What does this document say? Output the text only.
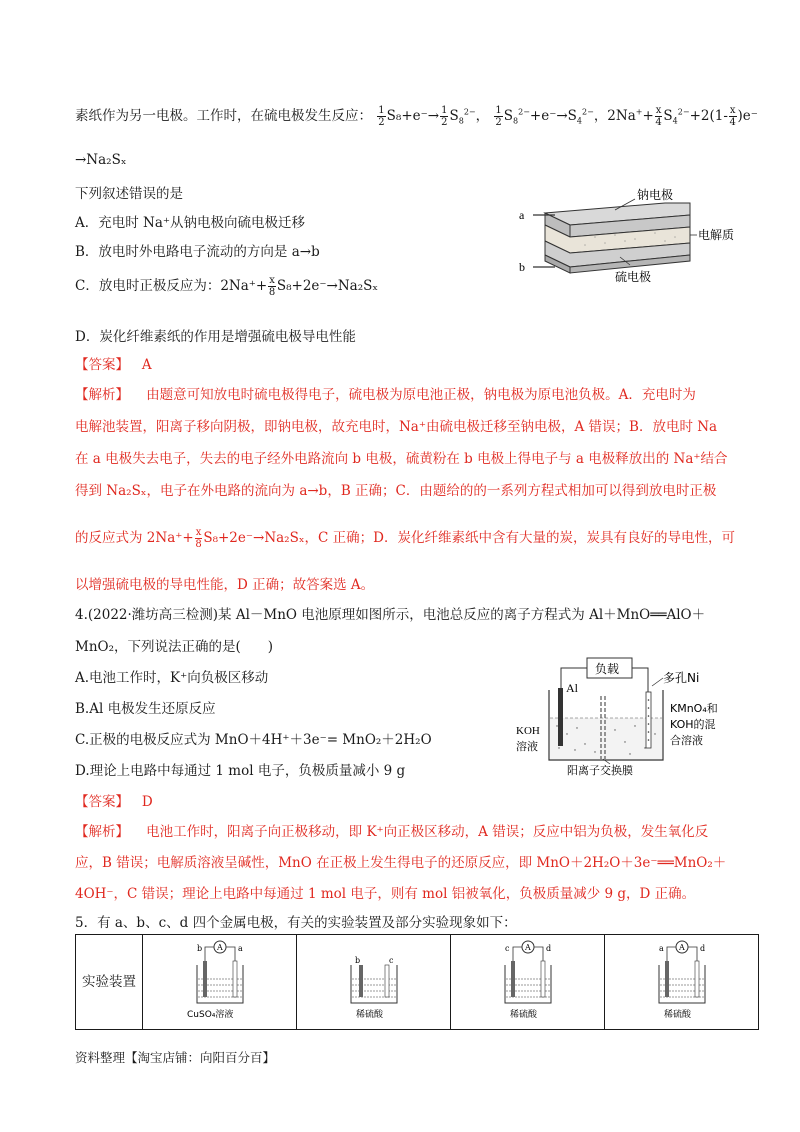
素纸作为另一电极。工作时，在硫电极发生反应： $\frac{1}{2} S_8+e^-\to \frac{1}{2} S_8^{2-}$， $\frac{1}{2} S_8^{2-}+e^-\to S_4^{2-}$，$2Na^++ \frac{x}{4} S_4^{2-}+2(1- \frac{x}{4} )e^-$
→Na₂Sₓ
下列叙述错误的是
A．充电时 Na⁺从钠电极向硫电极迁移
B．放电时外电路电子流动的方向是 a→b
C．放电时正极反应为：$2Na^++ \frac{x}{8} S_8+2e^-\to Na_2S_x$
D．炭化纤维素纸的作用是增强硫电极导电性能
【答案】 A
【解析】 由题意可知放电时硫电极得电子，硫电极为原电池正极，钠电极为原电池负极。A．充电时为
电解池装置，阳离子移向阴极，即钠电极，故充电时，Na⁺由硫电极迁移至钠电极，A 错误；B．放电时 Na
在 a 电极失去电子，失去的电子经外电路流向 b 电极，硫黄粉在 b 电极上得电子与 a 电极释放出的 Na⁺结合
得到 Na₂Sₓ，电子在外电路的流向为 a→b，B 正确；C．由题给的的一系列方程式相加可以得到放电时正极
的反应式为 $2Na^++ \frac{x}{8} S_8+2e^-\to Na_2S_x$，C 正确；D．炭化纤维素纸中含有大量的炭，炭具有良好的导电性，可
以增强硫电极的导电性能，D 正确；故答案选 A。
4.(2022·潍坊高三检测)某 Al－MnO 电池原理如图所示，电池总反应的离子方程式为 Al＋MnO══AlO＋
MnO₂，下列说法正确的是(　　)
A.电池工作时，K⁺向负极区移动
B.Al 电极发生还原反应
C.正极的电极反应式为 MnO＋4H⁺＋3e⁻= MnO₂＋2H₂O
D.理论上电路中每通过 1 mol 电子，负极质量减小 9 g
【答案】 D
【解析】 电池工作时，阳离子向正极移动，即 K⁺向正极区移动，A 错误；反应中铝为负极，发生氧化反
应，B 错误；电解质溶液呈碱性，MnO 在正极上发生得电子的还原反应，即 MnO＋2H₂O＋3e⁻══MnO₂＋
4OH⁻，C 错误；理论上电路中每通过 1 mol 电子，则有 mol 铝被氧化，负极质量减少 9 g，D 正确。
5．有 a、b、c、d 四个金属电极，有关的实验装置及部分实验现象如下：
a
b
钠电极
电解质
硫电极
负载
Al
多孔Ni
KOH
溶液
KMnO₄和
KOH的混
合溶液
阳离子交换膜
实验装置	
A
b	a
CuSO₄溶液

b	c
稀硫酸

A
c	d
稀硫酸

A
a	d
稀硫酸
资料整理【淘宝店铺：向阳百分百】
